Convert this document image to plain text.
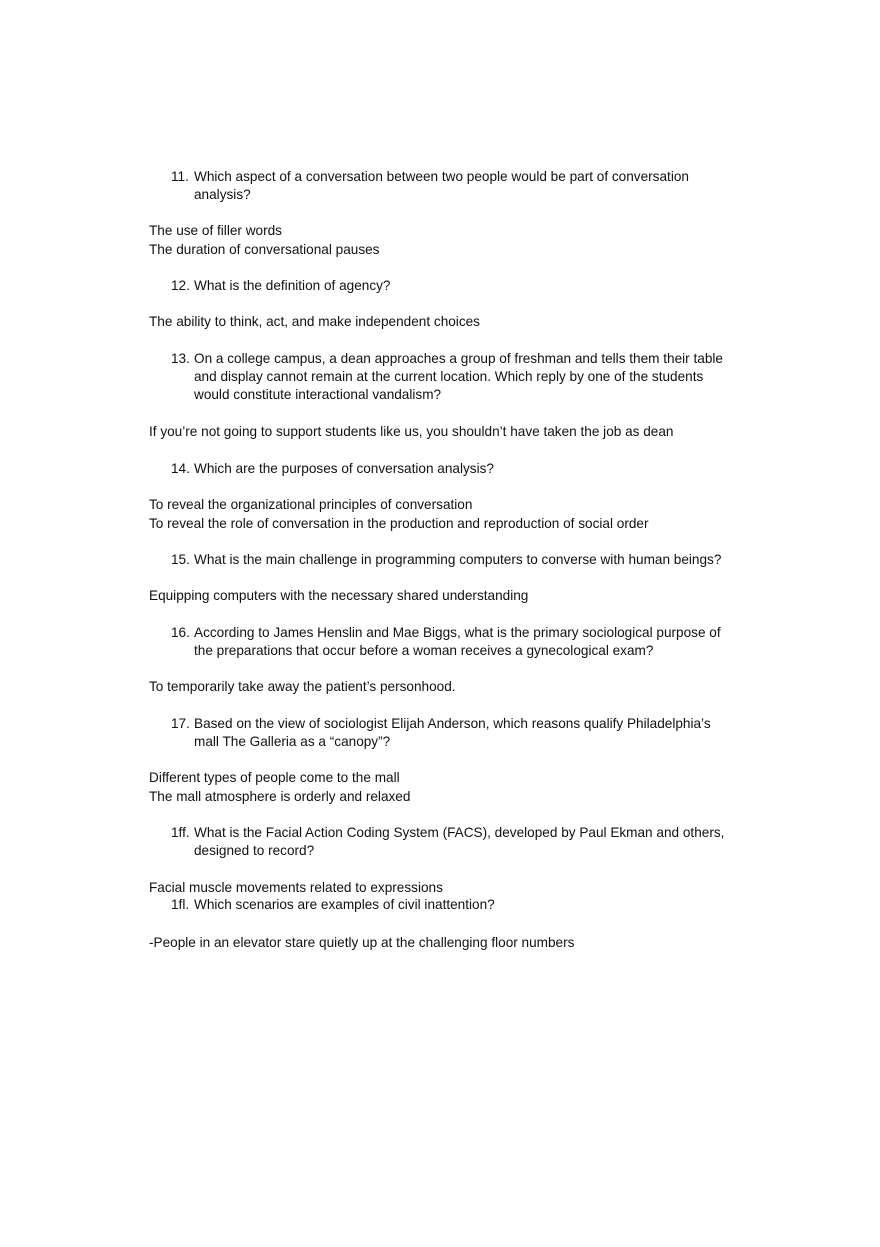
11. Which aspect of a conversation between two people would be part of conversation analysis?
The use of filler words
The duration of conversational pauses
12. What is the definition of agency?
The ability to think, act, and make independent choices
13. On a college campus, a dean approaches a group of freshman and tells them their table and display cannot remain at the current location. Which reply by one of the students would constitute interactional vandalism?
If you’re not going to support students like us, you shouldn’t have taken the job as dean
14. Which are the purposes of conversation analysis?
To reveal the organizational principles of conversation
To reveal the role of conversation in the production and reproduction of social order
15. What is the main challenge in programming computers to converse with human beings?
Equipping computers with the necessary shared understanding
16. According to James Henslin and Mae Biggs, what is the primary sociological purpose of the preparations that occur before a woman receives a gynecological exam?
To temporarily take away the patient’s personhood.
17. Based on the view of sociologist Elijah Anderson, which reasons qualify Philadelphia’s mall The Galleria as a “canopy”?
Different types of people come to the mall
The mall atmosphere is orderly and relaxed
1ff. What is the Facial Action Coding System (FACS), developed by Paul Ekman and others, designed to record?
Facial muscle movements related to expressions
1fl. Which scenarios are examples of civil inattention?
-People in an elevator stare quietly up at the challenging floor numbers
